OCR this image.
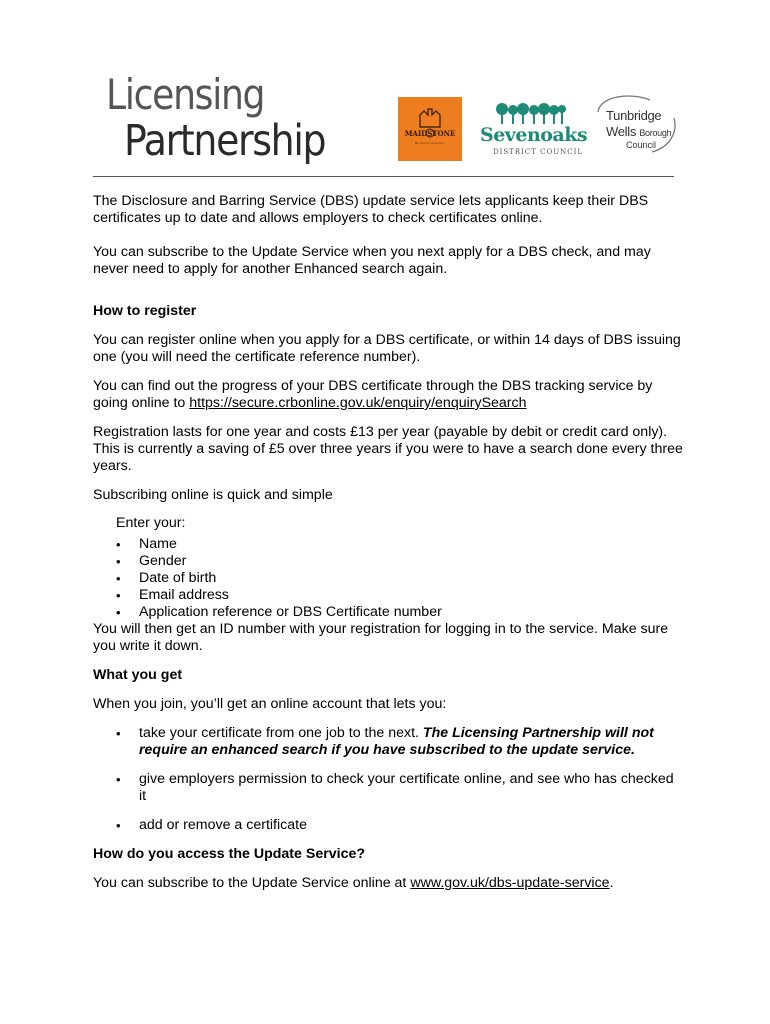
Licensing
Partnership	MAIDSTONE
Borough Council	Sevenoaks
DISTRICT COUNCIL
Tunbridge
Wells Borough
Council

The Disclosure and Barring Service (DBS) update service lets applicants keep their DBS certificates up to date and allows employers to check certificates online.

You can subscribe to the Update Service when you next apply for a DBS check, and may never need to apply for another Enhanced search again.

How to register

You can register online when you apply for a DBS certificate, or within 14 days of DBS issuing one (you will need the certificate reference number).

You can find out the progress of your DBS certificate through the DBS tracking service by going online to https://secure.crbonline.gov.uk/enquiry/enquirySearch

Registration lasts for one year and costs £13 per year (payable by debit or credit card only). This is currently a saving of £5 over three years if you were to have a search done every three years.

Subscribing online is quick and simple

Enter your:

• Name
• Gender
• Date of birth
• Email address
• Application reference or DBS Certificate number

You will then get an ID number with your registration for logging in to the service. Make sure you write it down.

What you get

When you join, you’ll get an online account that lets you:

• take your certificate from one job to the next. The Licensing Partnership will not require an enhanced search if you have subscribed to the update service.
• give employers permission to check your certificate online, and see who has checked it
• add or remove a certificate

How do you access the Update Service?

You can subscribe to the Update Service online at www.gov.uk/dbs-update-service.
